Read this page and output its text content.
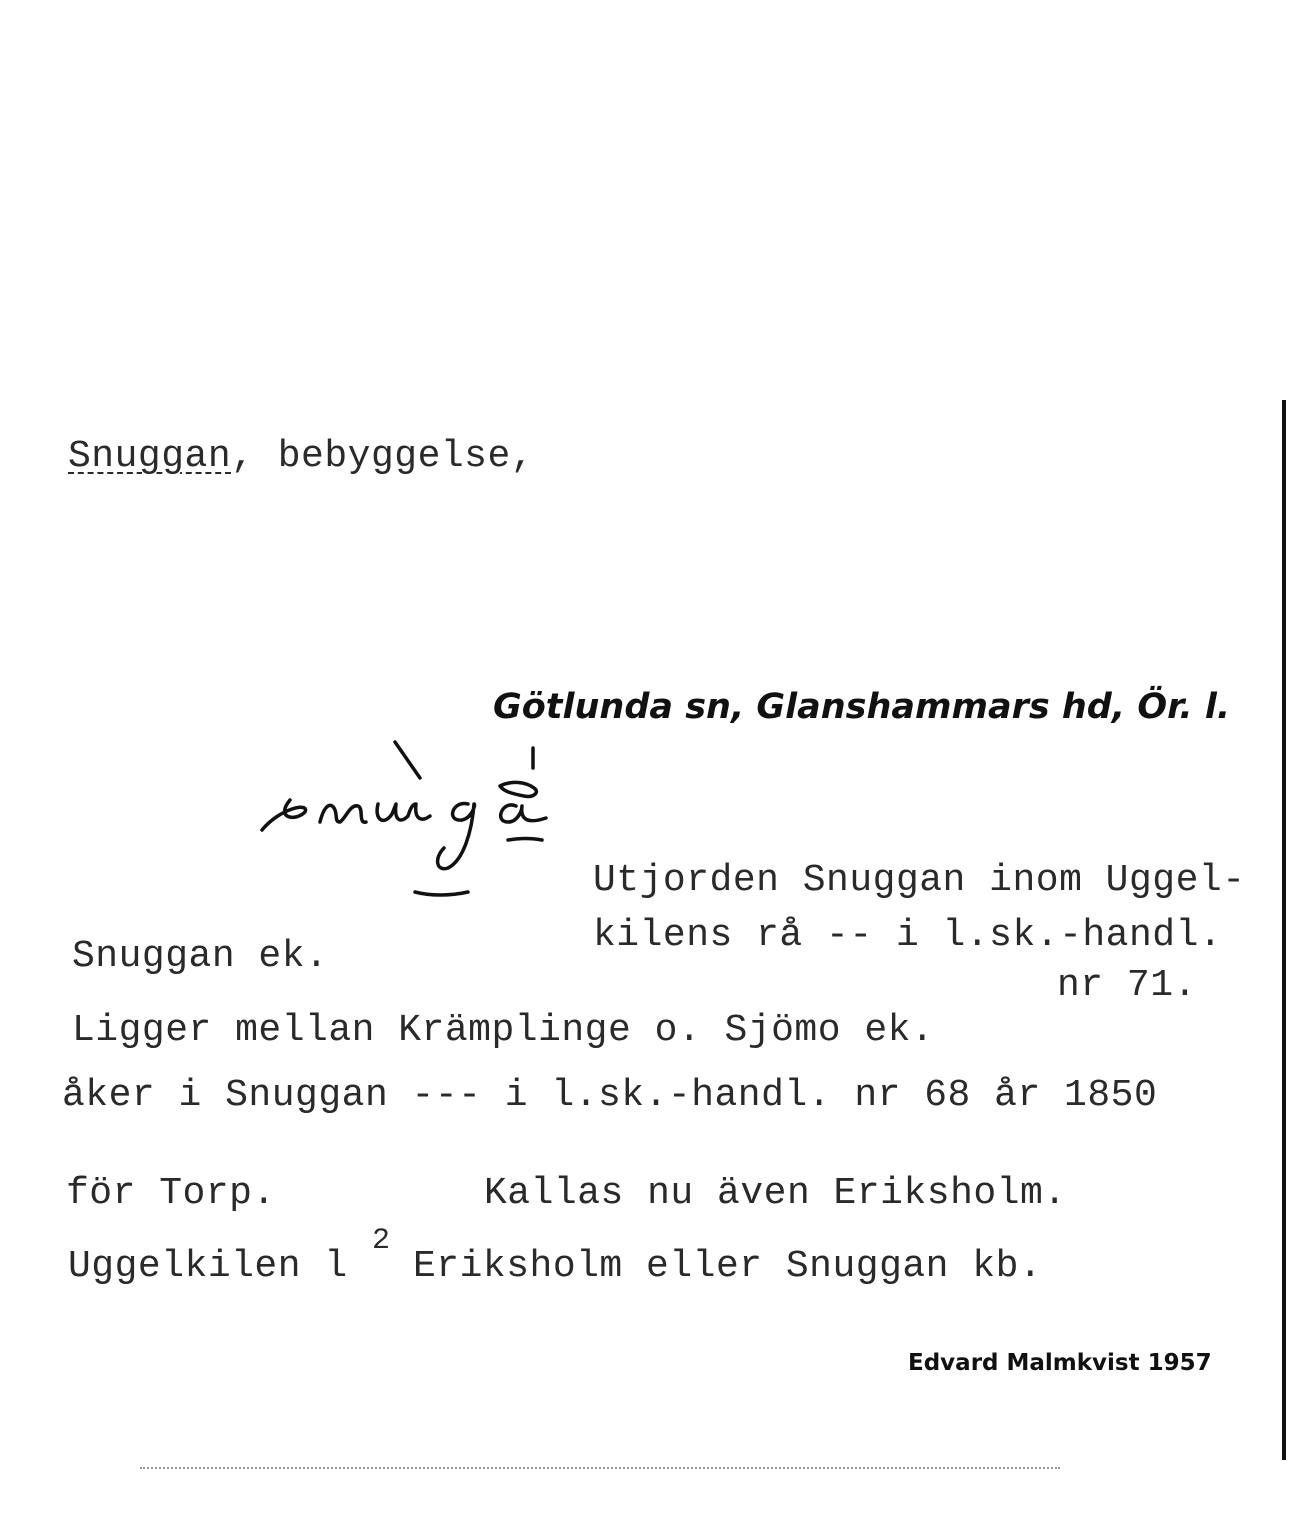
Snuggan, bebyggelse,
Götlunda sn, Glanshammars hd, Ör. l.
Utjorden Snuggan inom Uggel-
kilens rå -- i l.sk.-handl.
nr 71.
Snuggan ek.
Ligger mellan Krämplinge o. Sjömo ek.
åker i Snuggan --- i l.sk.-handl. nr 68 år 1850
för Torp.	Kallas nu även Eriksholm.
Uggelkilen l
2
Eriksholm eller Snuggan kb.
Edvard Malmkvist 1957
